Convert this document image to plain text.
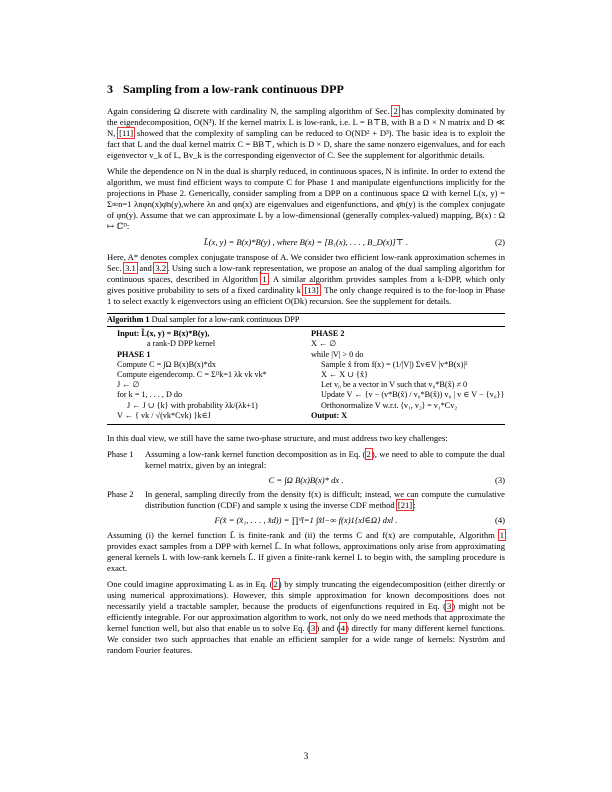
3 Sampling from a low-rank continuous DPP

Again considering Ω discrete with cardinality N, the sampling algorithm of Sec. 2 has complexity dominated by the eigendecomposition, O(N³). If the kernel matrix L is low-rank, i.e. L = B⊤B, with B a D × N matrix and D ≪ N, [11] showed that the complexity of sampling can be reduced to O(ND² + D³). The basic idea is to exploit the fact that L and the dual kernel matrix C = BB⊤, which is D × D, share the same nonzero eigenvalues, and for each eigenvector v_k of L, Bv_k is the corresponding eigenvector of C. See the supplement for algorithmic details.

While the dependence on N in the dual is sharply reduced, in continuous spaces, N is infinite. In order to extend the algorithm, we must find efficient ways to compute C for Phase 1 and manipulate eigenfunctions implicitly for the projections in Phase 2. Generically, consider sampling from a DPP on a continuous space Ω with kernel L(x, y) = Σ∞n=1 λnφn(x)φ̄n(y),where λn and φn(x) are eigenvalues and eigenfunctions, and φ̄n(y) is the complex conjugate of φn(y). Assume that we can approximate L by a low-dimensional (generally complex-valued) mapping, B(x) : Ω ↦ ℂᴰ:

L̃(x, y) = B(x)*B(y) , where B(x) = [B₁(x), . . . , B_D(x)]⊤ .	(2)

Here, A* denotes complex conjugate transpose of A. We consider two efficient low-rank approximation schemes in Sec. 3.1 and 3.2. Using such a low-rank representation, we propose an analog of the dual sampling algorithm for continuous spaces, described in Algorithm 1. A similar algorithm provides samples from a k-DPP, which only gives positive probability to sets of a fixed cardinality k [13]. The only change required is to the for-loop in Phase 1 to select exactly k eigenvectors using an efficient O(Dk) recursion. See the supplement for details.

Algorithm 1 Dual sampler for a low-rank continuous DPP
Input: L̃(x, y) = B(x)*B(y),
a rank-D DPP kernel
PHASE 1
Compute C = ∫Ω B(x)B(x)*dx
Compute eigendecomp. C = Σᴰk=1 λk vk vk*
J ← ∅
for k = 1, . . . , D do
J ← J ∪ {k} with probability λk/(λk+1)
V ← { vk / √(vk*Cvk) }k∈J
PHASE 2
X ← ∅
while |V| > 0 do
Sample x̂ from f(x) = (1/|V|) Σv∈V |v*B(x)|²
X ← X ∪ {x̂}
Let v₀ be a vector in V such that v₀*B(x̂) ≠ 0
Update V ← {v − (v*B(x̂) / v₀*B(x̂)) v₀ | v ∈ V − {v₀}}
Orthonormalize V w.r.t. ⟨v₁, v₂⟩ = v₁*Cv₂
Output: X

In this dual view, we still have the same two-phase structure, and must address two key challenges:

Phase 1	Assuming a low-rank kernel function decomposition as in Eq. (2), we need to able to compute the dual kernel matrix, given by an integral:
C = ∫Ω B(x)B(x)* dx .	(3)
Phase 2	In general, sampling directly from the density f(x) is difficult; instead, we can compute the cumulative distribution function (CDF) and sample x using the inverse CDF method [21]:
F(x̂ = (x̂₁, . . . , x̂d)) = ∏ᵈl=1 ∫x̂l−∞ f(x)1{xl∈Ω} dxl .	(4)

Assuming (i) the kernel function L̃ is finite-rank and (ii) the terms C and f(x) are computable, Algorithm 1 provides exact samples from a DPP with kernel L̃. In what follows, approximations only arise from approximating general kernels L with low-rank kernels L̃. If given a finite-rank kernel L to begin with, the sampling procedure is exact.

One could imagine approximating L as in Eq. (2) by simply truncating the eigendecomposition (either directly or using numerical approximations). However, this simple approximation for known decompositions does not necessarily yield a tractable sampler, because the products of eigenfunctions required in Eq. (3) might not be efficiently integrable. For our approximation algorithm to work, not only do we need methods that approximate the kernel function well, but also that enable us to solve Eq. (3) and (4) directly for many different kernel functions. We consider two such approaches that enable an efficient sampler for a wide range of kernels: Nyström and random Fourier features.

3
